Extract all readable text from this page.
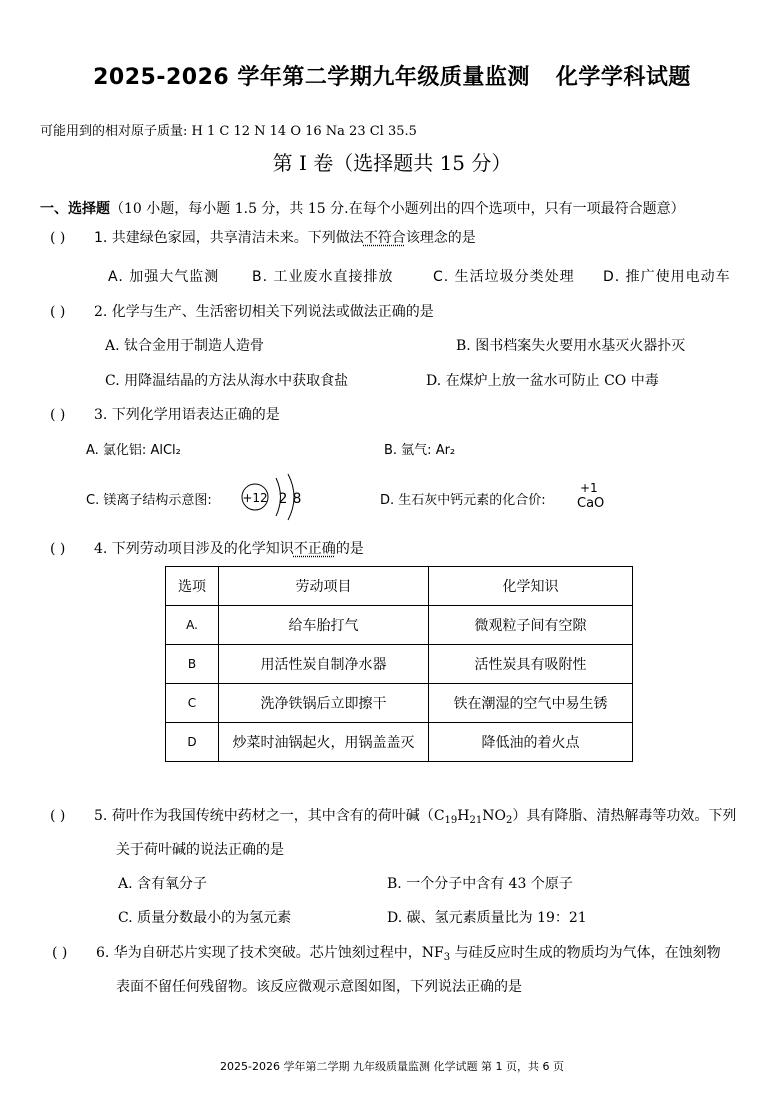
2025-2026 学年第二学期九年级质量监测 化学学科试题
可能用到的相对原子质量: H 1 C 12 N 14 O 16 Na 23 Cl 35.5
第 I 卷（选择题共 15 分）
一、选择题（10 小题，每小题 1.5 分，共 15 分.在每个小题列出的四个选项中，只有一项最符合题意）
( ) 1. 共建绿色家园，共享清洁未来。下列做法不符合该理念的是
A. 加强大气监测 B. 工业废水直接排放	C. 生活垃圾分类处理 D. 推广使用电动车
( ) 2. 化学与生产、生活密切相关下列说法或做法正确的是
A. 钛合金用于制造人造骨	B. 图书档案失火要用水基灭火器扑灭
C. 用降温结晶的方法从海水中获取食盐	D. 在煤炉上放一盆水可防止 CO 中毒
( ) 3. 下列化学用语表达正确的是
A. 氯化铝: AlCl₂	B. 氩气: Ar₂
C. 镁离子结构示意图:	+12 2 8	D. 生石灰中钙元素的化合价:
+1
CaO
( ) 4. 下列劳动项目涉及的化学知识不正确的是
选项	劳动项目	化学知识
A.	给车胎打气	微观粒子间有空隙
B	用活性炭自制净水器	活性炭具有吸附性
C	洗净铁锅后立即擦干	铁在潮湿的空气中易生锈
D	炒菜时油锅起火，用锅盖盖灭	降低油的着火点
( ) 5. 荷叶作为我国传统中药材之一，其中含有的荷叶碱$(C_{19}H_{21}NO_2)$具有降脂、清热解毒等功效。下列
关于荷叶碱的说法正确的是
A. 含有氧分子	B. 一个分子中含有 43 个原子
C. 质量分数最小的为氢元素	D. 碳、氢元素质量比为 19：21
( ) 6. 华为自研芯片实现了技术突破。芯片蚀刻过程中，$NF_3$ 与硅反应时生成的物质均为气体，在蚀刻物
表面不留任何残留物。该反应微观示意图如图，下列说法正确的是
2025-2026 学年第二学期 九年级质量监测 化学试题 第 1 页，共 6 页
